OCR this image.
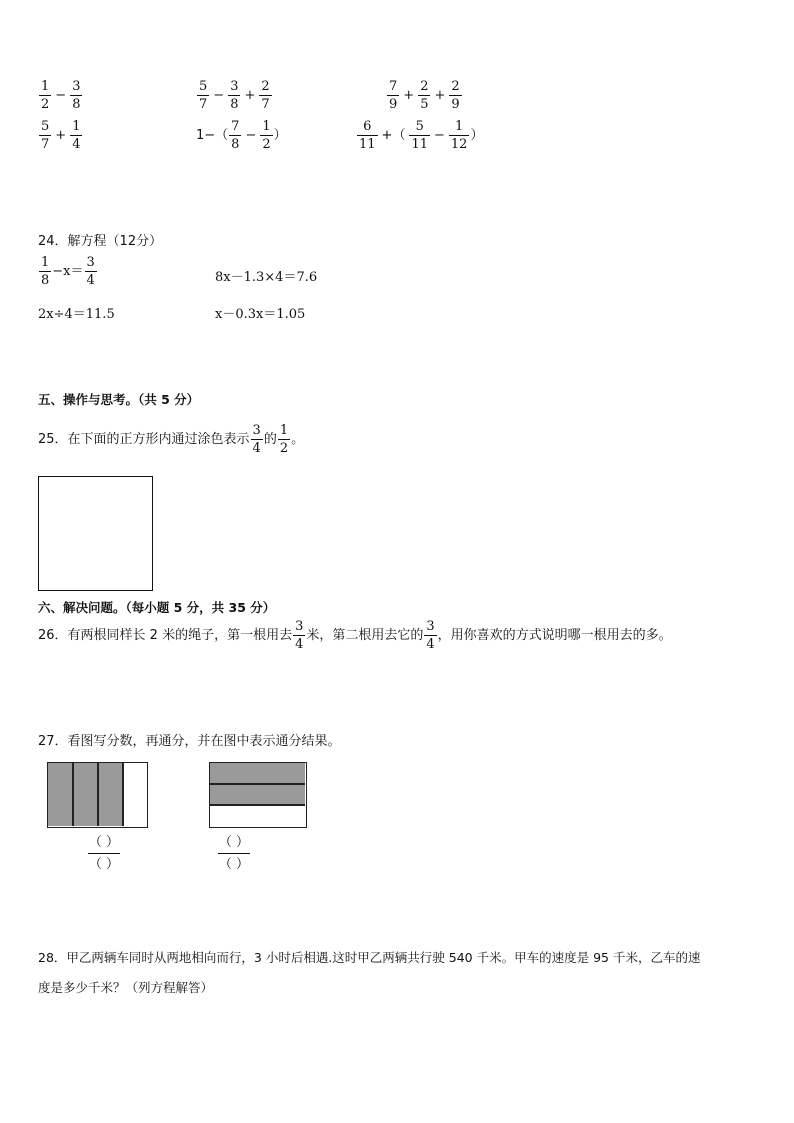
$\frac{1}{2} - \frac{3}{8}$	$\frac{5}{7} - \frac{3}{8} + \frac{2}{7}$	$\frac{7}{9} + \frac{2}{5} + \frac{2}{9}$
$\frac{5}{7} + \frac{1}{4}$	$1-( \frac{7}{8} - \frac{1}{2}$ ）	$\frac{6}{11}$ +（ $\frac{5}{11} - \frac{1}{12}$ ）
24．解方程（12分）
$\frac{1}{8} -x= \frac{3}{4}$	8x－1.3×4＝7.6
2x÷4＝11.5	x－0.3x＝1.05
五、操作与思考。（共 5 分）
25．在下面的正方形内通过涂色表示 $\frac{3}{4}$ 的 $\frac{1}{2}$ 。
六、解决问题。（每小题 5 分，共 35 分）
26．有两根同样长 2 米的绳子，第一根用去 $\frac{3}{4}$ 米，第二根用去它的 $\frac{3}{4}$ ，用你喜欢的方式说明哪一根用去的多。
27．看图写分数，再通分，并在图中表示通分结果。
（ ）
（ ）
（ ）
（ ）
28．甲乙两辆车同时从两地相向而行，3 小时后相遇.这时甲乙两辆共行驶 540 千米。甲车的速度是 95 千米，乙车的速
度是多少千米？（列方程解答）
